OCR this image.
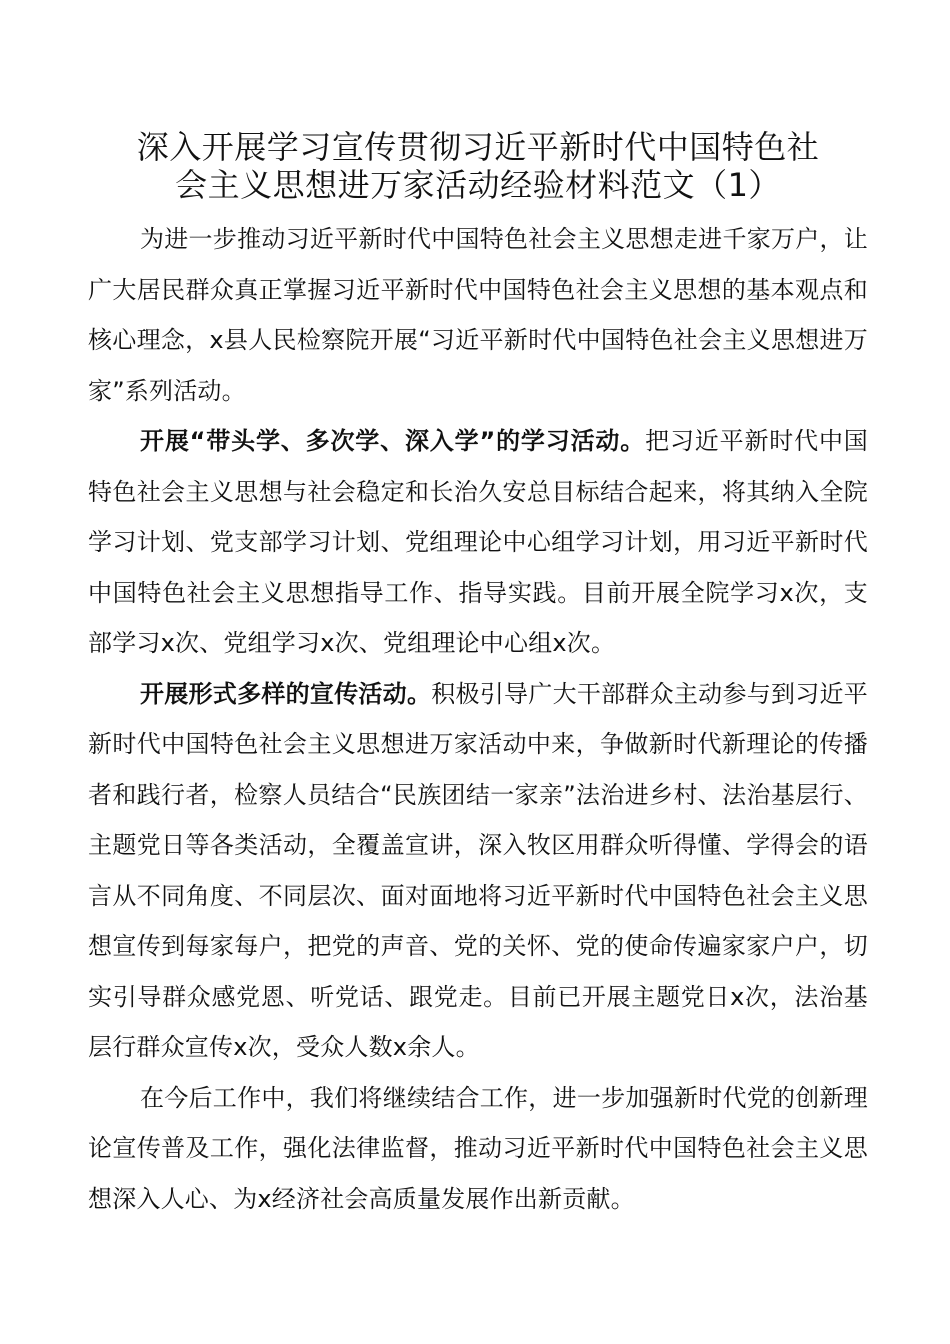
深入开展学习宣传贯彻习近平新时代中国特色社
会主义思想进万家活动经验材料范文（1）

为进一步推动习近平新时代中国特色社会主义思想走进千家万户，让广大居民群众真正掌握习近平新时代中国特色社会主义思想的基本观点和核心理念，x县人民检察院开展“习近平新时代中国特色社会主义思想进万家”系列活动。

开展“带头学、多次学、深入学”的学习活动。把习近平新时代中国特色社会主义思想与社会稳定和长治久安总目标结合起来，将其纳入全院学习计划、党支部学习计划、党组理论中心组学习计划，用习近平新时代中国特色社会主义思想指导工作、指导实践。目前开展全院学习x次，支部学习x次、党组学习x次、党组理论中心组x次。

开展形式多样的宣传活动。积极引导广大干部群众主动参与到习近平新时代中国特色社会主义思想进万家活动中来，争做新时代新理论的传播者和践行者，检察人员结合“民族团结一家亲”法治进乡村、法治基层行、主题党日等各类活动，全覆盖宣讲，深入牧区用群众听得懂、学得会的语言从不同角度、不同层次、面对面地将习近平新时代中国特色社会主义思想宣传到每家每户，把党的声音、党的关怀、党的使命传遍家家户户，切实引导群众感党恩、听党话、跟党走。目前已开展主题党日x次，法治基层行群众宣传x次，受众人数x余人。

在今后工作中，我们将继续结合工作，进一步加强新时代党的创新理论宣传普及工作，强化法律监督，推动习近平新时代中国特色社会主义思想深入人心、为x经济社会高质量发展作出新贡献。
